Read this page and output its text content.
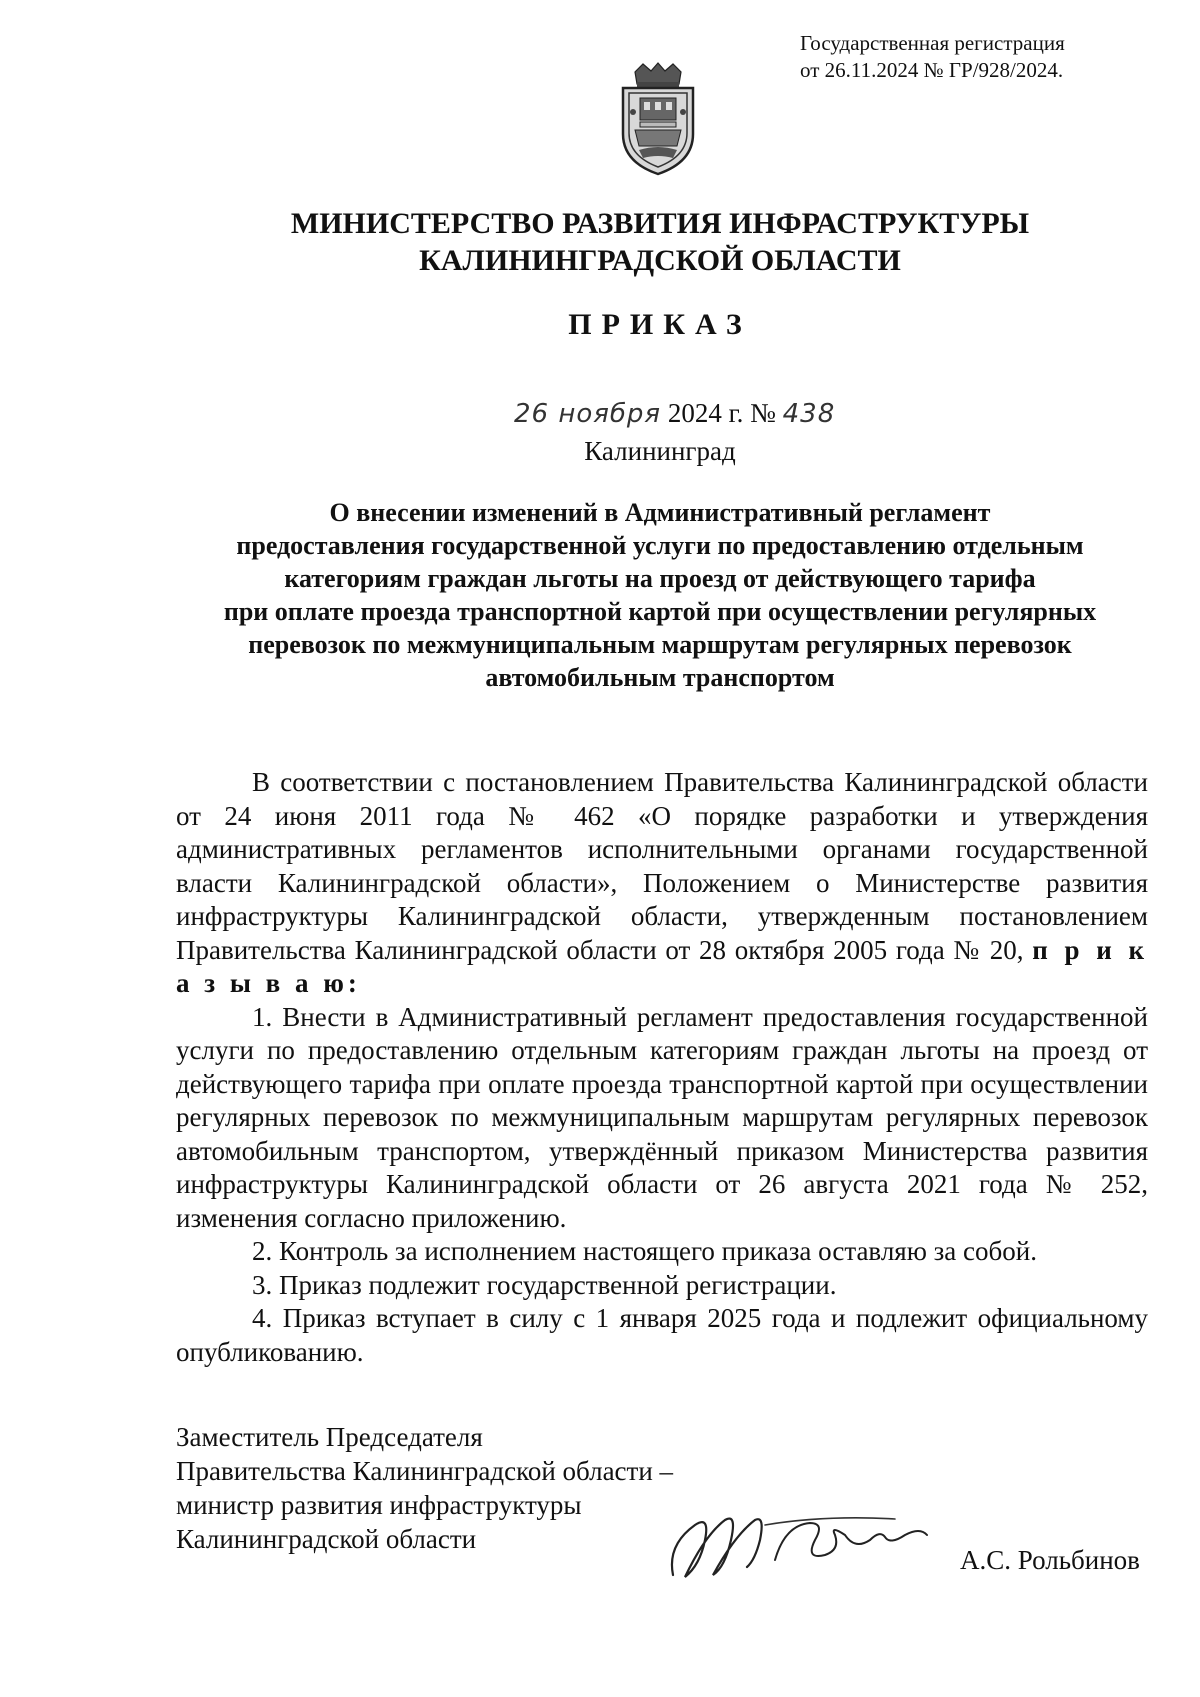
Государственная регистрация
от 26.11.2024 № ГР/928/2024.
МИНИСТЕРСТВО РАЗВИТИЯ ИНФРАСТРУКТУРЫ
КАЛИНИНГРАДСКОЙ ОБЛАСТИ
ПРИКАЗ
26 ноября 2024 г. № 438
Калининград
О внесении изменений в Административный регламент
предоставления государственной услуги по предоставлению отдельным
категориям граждан льготы на проезд от действующего тарифа
при оплате проезда транспортной картой при осуществлении регулярных
перевозок по межмуниципальным маршрутам регулярных перевозок
автомобильным транспортом

В соответствии с постановлением Правительства Калининградской области от 24 июня 2011 года № 462 «О порядке разработки и утверждения административных регламентов исполнительными органами государственной власти Калининградской области», Положением о Министерстве развития инфраструктуры Калининградской области, утвержденным постановлением Правительства Калининградской области от 28 октября 2005 года № 20, п р и к а з ы в а ю:

1. Внести в Административный регламент предоставления государственной услуги по предоставлению отдельным категориям граждан льготы на проезд от действующего тарифа при оплате проезда транспортной картой при осуществлении регулярных перевозок по межмуниципальным маршрутам регулярных перевозок автомобильным транспортом, утверждённый приказом Министерства развития инфраструктуры Калининградской области от 26 августа 2021 года № 252, изменения согласно приложению.

2. Контроль за исполнением настоящего приказа оставляю за собой.

3. Приказ подлежит государственной регистрации.

4. Приказ вступает в силу с 1 января 2025 года и подлежит официальному опубликованию.

Заместитель Председателя
Правительства Калининградской области –
министр развития инфраструктуры
Калининградской области
А.С. Рольбинов
